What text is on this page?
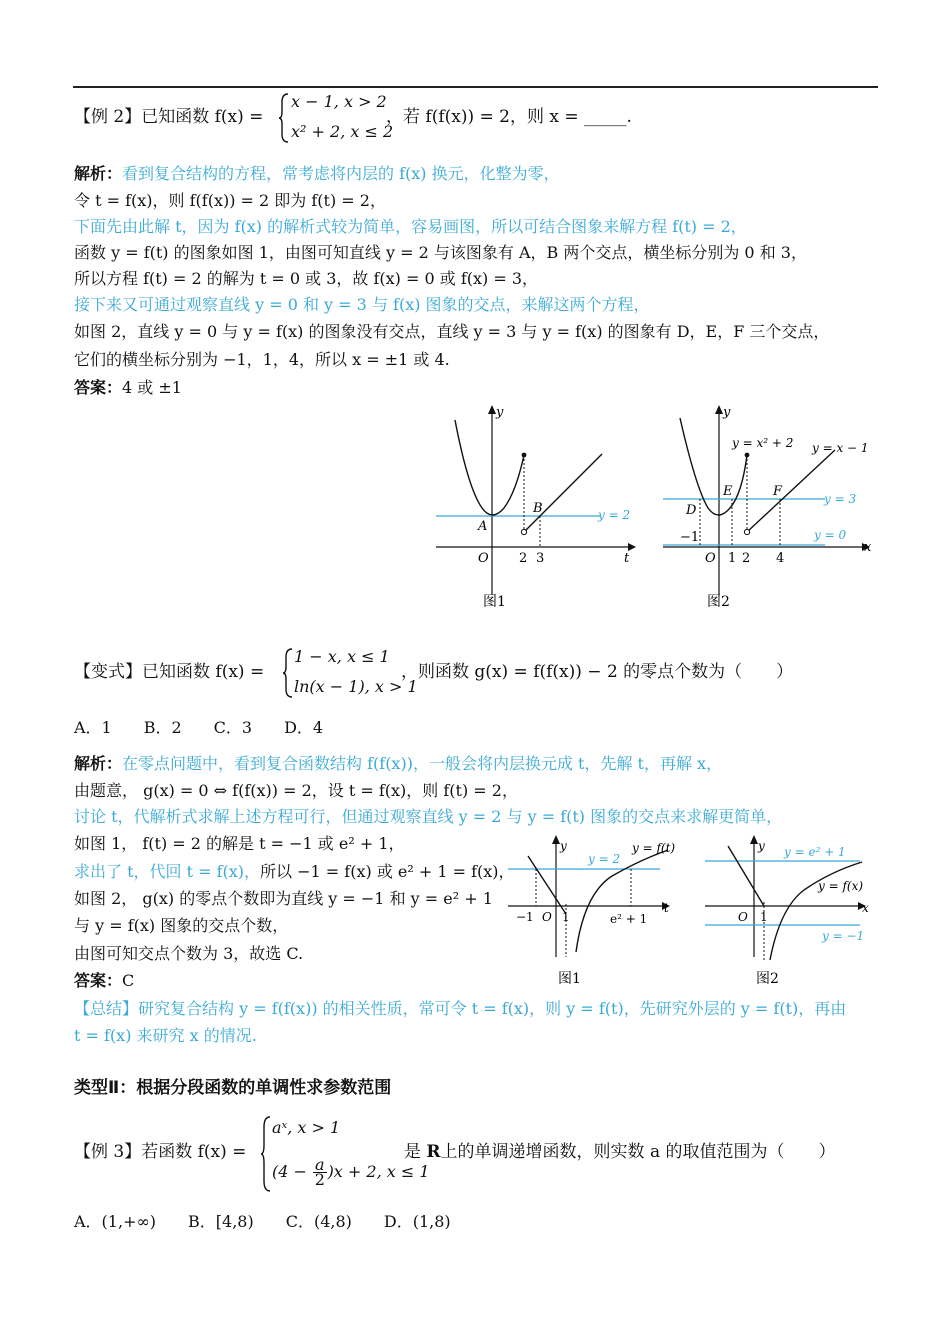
【例 2】已知函数 f(x) =
x − 1, x > 2
x² + 2, x ≤ 2
，若 f(f(x)) = 2，则 x = _____.
解析：看到复合结构的方程，常考虑将内层的 f(x) 换元，化整为零，
令 t = f(x)，则 f(f(x)) = 2 即为 f(t) = 2，
下面先由此解 t，因为 f(x) 的解析式较为简单，容易画图，所以可结合图象来解方程 f(t) = 2，
函数 y = f(t) 的图象如图 1，由图可知直线 y = 2 与该图象有 A，B 两个交点，横坐标分别为 0 和 3，
所以方程 f(t) = 2 的解为 t = 0 或 3，故 f(x) = 0 或 f(x) = 3，
接下来又可通过观察直线 y = 0 和 y = 3 与 f(x) 图象的交点，来解这两个方程，
如图 2，直线 y = 0 与 y = f(x) 的图象没有交点，直线 y = 3 与 y = f(x) 的图象有 D，E，F 三个交点，
它们的横坐标分别为 −1，1，4，所以 x = ±1 或 4.
答案：4 或 ±1
y
t
O
A
B	y = 2
2 3
图1
y
x
O
D
E	F
y = x² + 2 y = x − 1
y = 3
y = 0
−1
1 2 4
图2
【变式】已知函数 f(x) =
1 − x, x ≤ 1
ln(x − 1), x > 1
，则函数 g(x) = f(f(x)) − 2 的零点个数为（　　）
A．1　　B．2　　C．3　　D．4
解析：在零点问题中，看到复合函数结构 f(f(x))，一般会将内层换元成 t，先解 t，再解 x，
由题意， g(x) = 0 ⇔ f(f(x)) = 2，设 t = f(x)，则 f(t) = 2，
讨论 t，代解析式求解上述方程可行，但通过观察直线 y = 2 与 y = f(t) 图象的交点来求解更简单，
如图 1， f(t) = 2 的解是 t = −1 或 e² + 1，
求出了 t，代回 t = f(x)，所以 −1 = f(x) 或 e² + 1 = f(x)，
如图 2， g(x) 的零点个数即为直线 y = −1 和 y = e² + 1
与 y = f(x) 图象的交点个数，
由图可知交点个数为 3，故选 C.
答案：C
【总结】研究复合结构 y = f(f(x)) 的相关性质，常可令 t = f(x)，则 y = f(t)，先研究外层的 y = f(t)，再由
t = f(x) 来研究 x 的情况.
y
t
O
y = 2
y = f(t)
−1 1	e² + 1
图1
y
x
O 1
y = e² + 1
y = f(x)
y = −1
图2
类型Ⅱ：根据分段函数的单调性求参数范围
【例 3】若函数 f(x) =
aˣ, x > 1
$(4 - \frac{a}{2} )x + 2$, x ≤ 1
是 R上的单调递增函数，则实数 a 的取值范围为（　　）
A．(1,+∞)　　B．[4,8)　　C．(4,8)　　D．(1,8)
